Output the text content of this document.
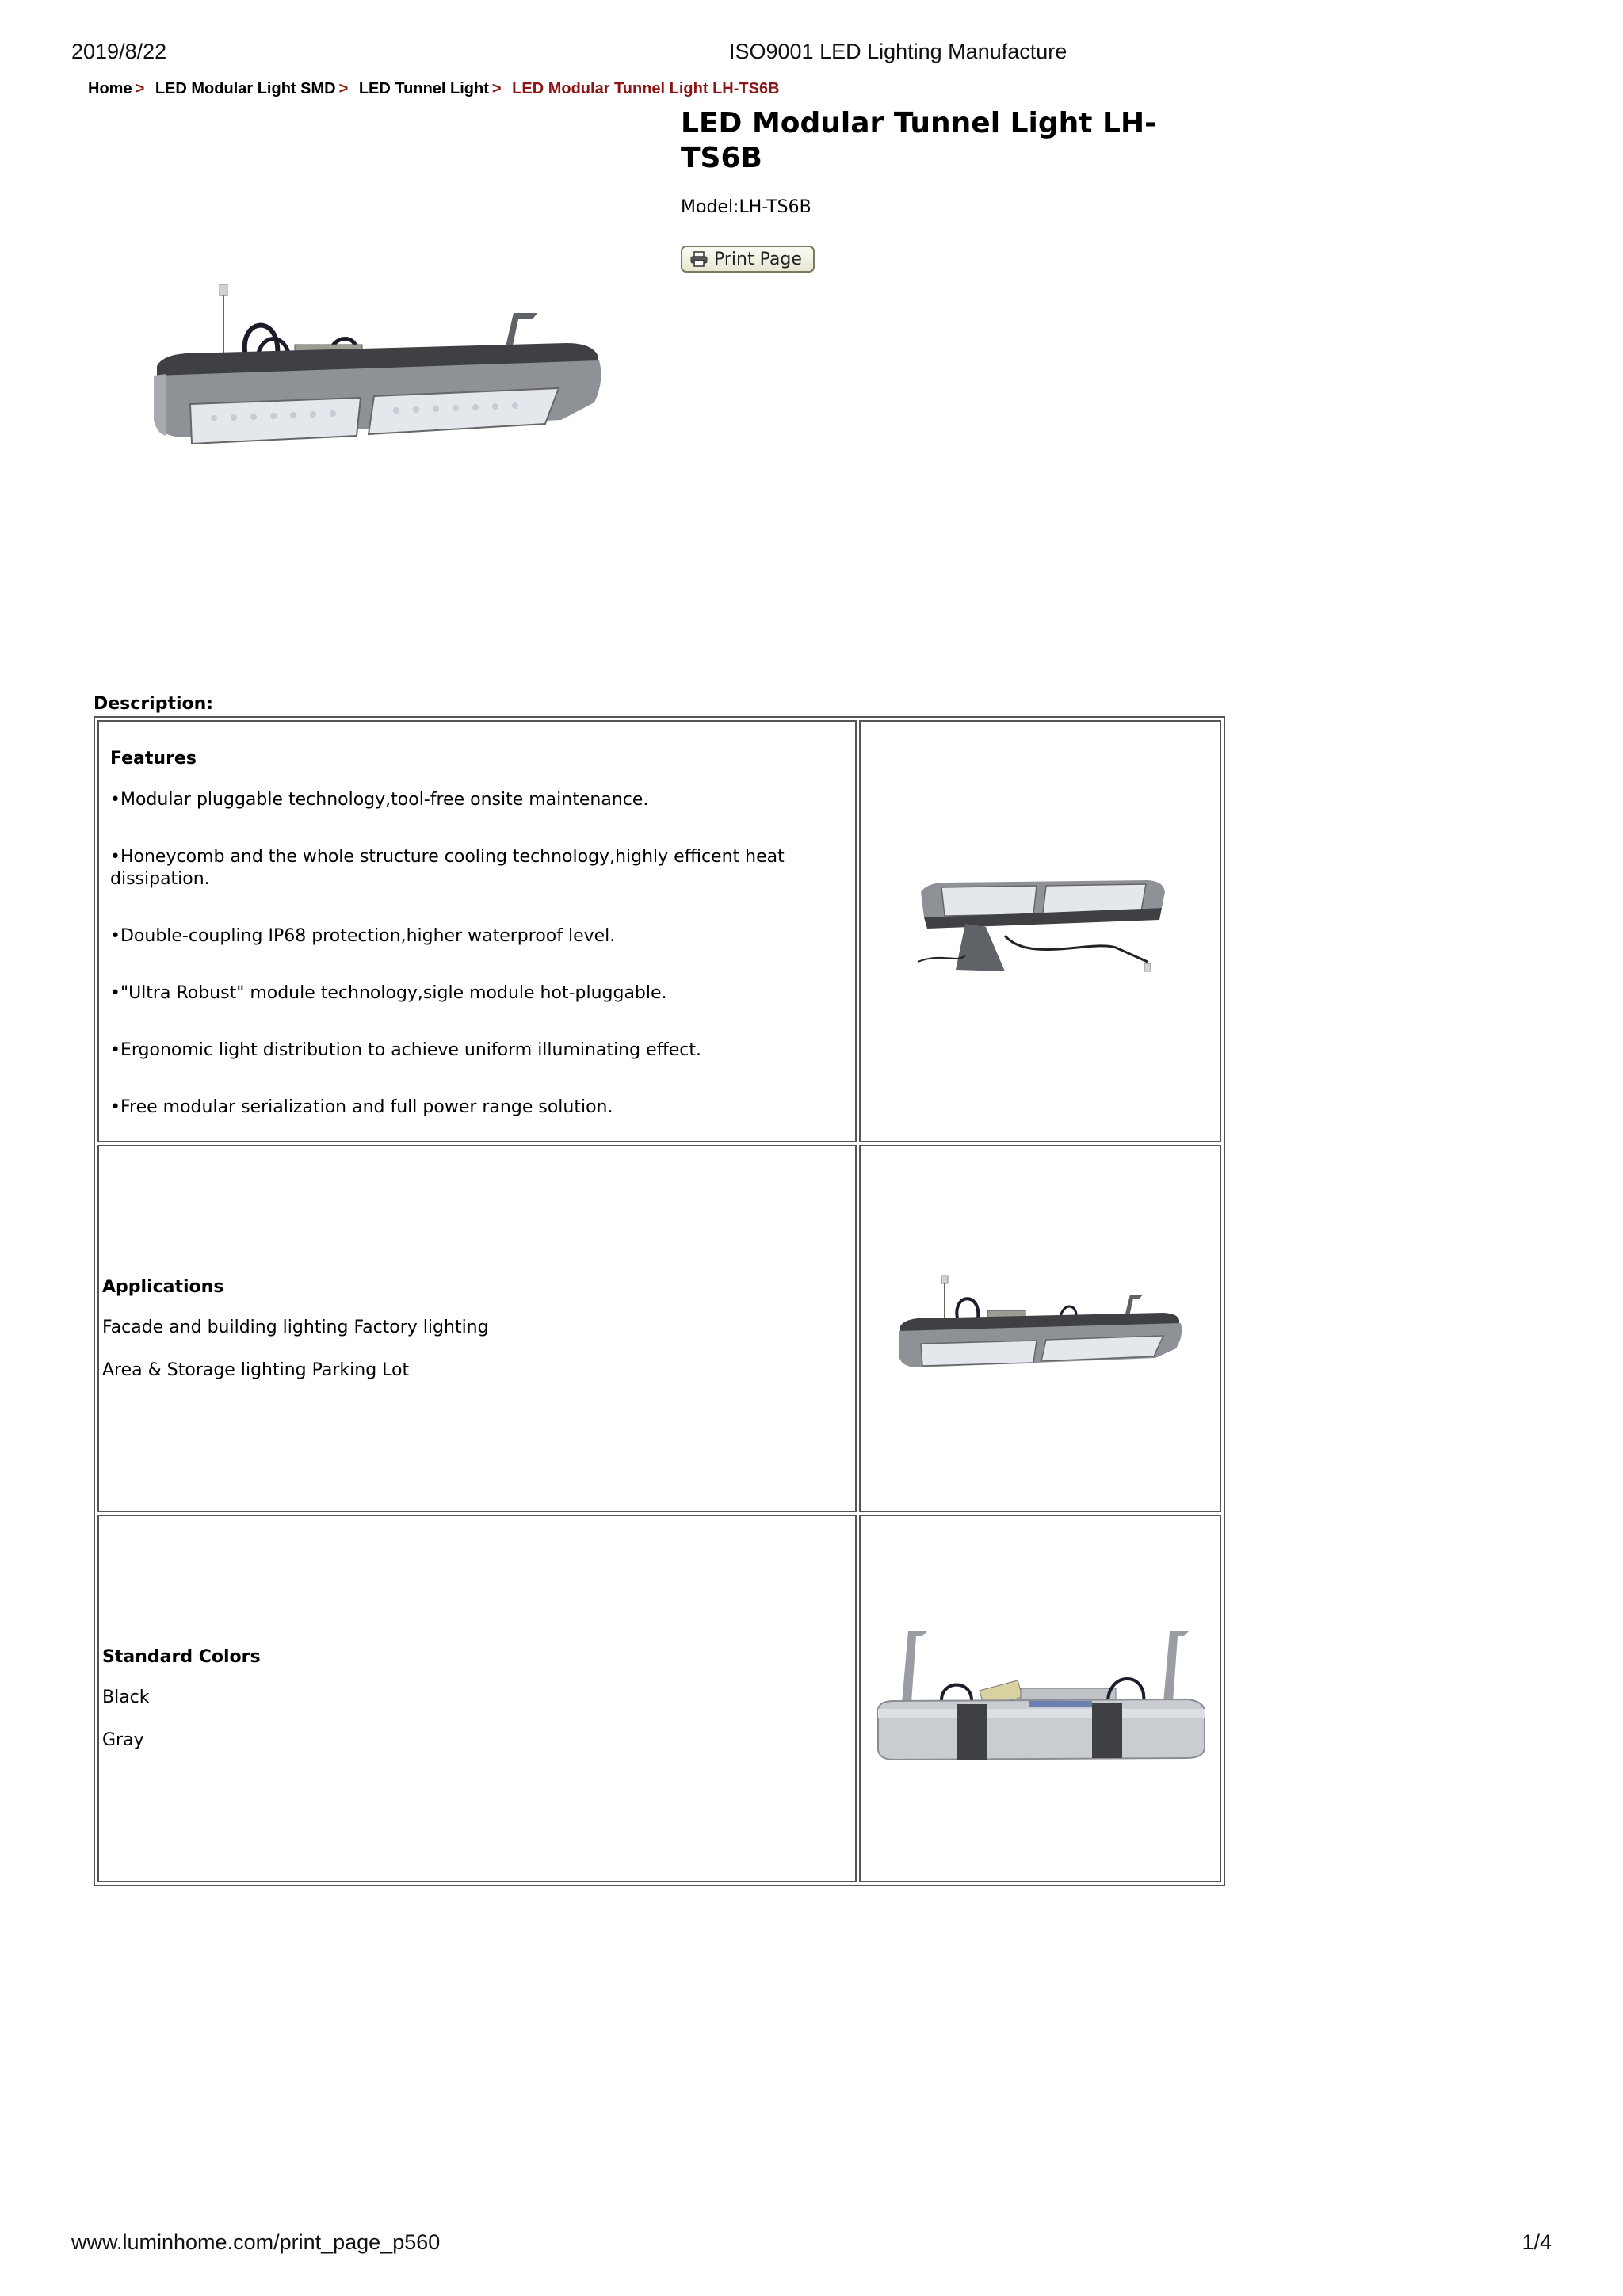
2019/8/22	ISO9001 LED Lighting Manufacture
Home > LED Modular Light SMD > LED Tunnel Light > LED Modular Tunnel Light LH-TS6B
LED Modular Tunnel Light LH-TS6B
Model:LH-TS6B
Print Page
Description:
Features

•Modular pluggable technology,tool-free onsite maintenance.

•Honeycomb and the whole structure cooling technology,highly efficent heat dissipation.

•Double-coupling IP68 protection,higher waterproof level.

•"Ultra Robust" module technology,sigle module hot-pluggable.

•Ergonomic light distribution to achieve uniform illuminating effect.

•Free modular serialization and full power range solution.

Applications

Facade and building lighting Factory lighting

Area & Storage lighting Parking Lot

Standard Colors

Black

Gray

www.luminhome.com/print_page_p560	1/4
